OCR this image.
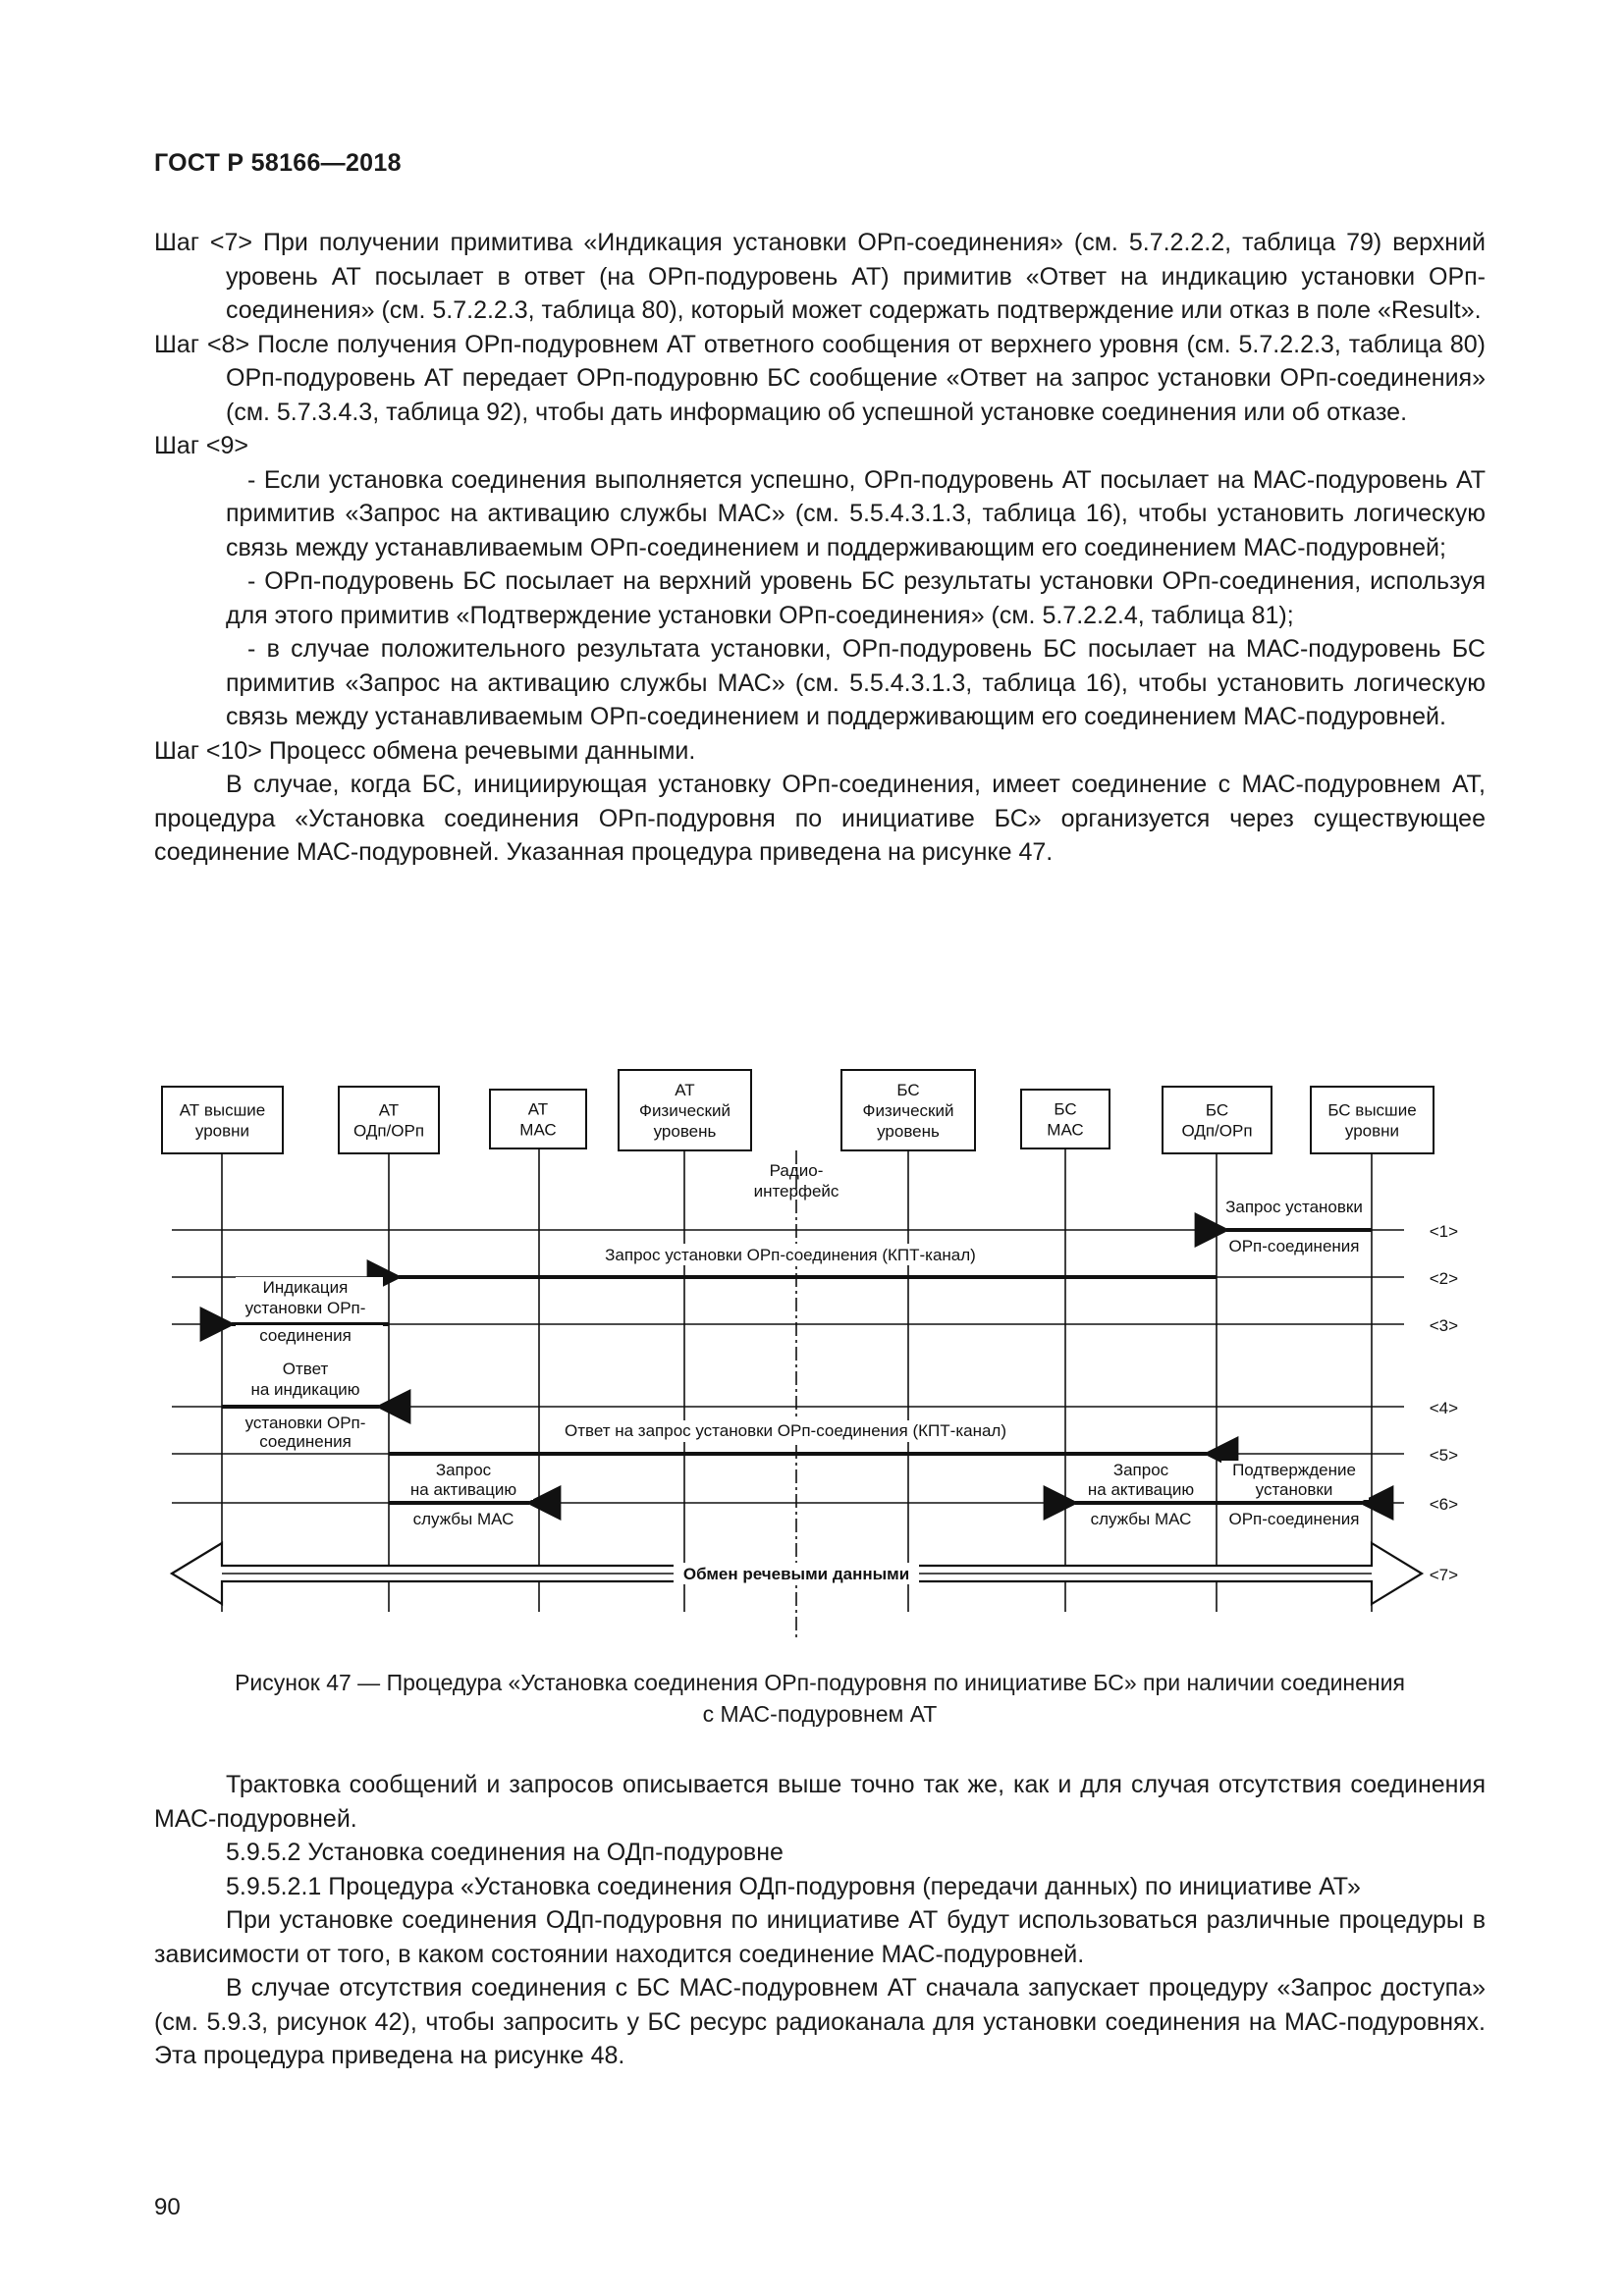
ГОСТ Р 58166—2018

Шаг <7> При получении примитива «Индикация установки ОРп-соединения» (см. 5.7.2.2.2, таблица 79) верхний уровень АТ посылает в ответ (на ОРп-подуровень АТ) примитив «Ответ на индикацию установки ОРп-соединения» (см. 5.7.2.2.3, таблица 80), который может содержать подтверждение или отказ в поле «Result».

Шаг <8> После получения ОРп-подуровнем АТ ответного сообщения от верхнего уровня (см. 5.7.2.2.3, таблица 80) ОРп-подуровень АТ передает ОРп-подуровню БС сообщение «Ответ на запрос установки ОРп-соединения» (см. 5.7.3.4.3, таблица 92), чтобы дать информацию об успешной установке соединения или об отказе.

Шаг <9>

- Если установка соединения выполняется успешно, ОРп-подуровень АТ посылает на МАС-подуровень АТ примитив «Запрос на активацию службы МАС» (см. 5.5.4.3.1.3, таблица 16), чтобы установить логическую связь между устанавливаемым ОРп-соединением и поддерживающим его соединением МАС-подуровней;

- ОРп-подуровень БС посылает на верхний уровень БС результаты установки ОРп-соединения, используя для этого примитив «Подтверждение установки ОРп-соединения» (см. 5.7.2.2.4, таблица 81);

- в случае положительного результата установки, ОРп-подуровень БС посылает на МАС-подуровень БС примитив «Запрос на активацию службы МАС» (см. 5.5.4.3.1.3, таблица 16), чтобы установить логическую связь между устанавливаемым ОРп-соединением и поддерживающим его соединением МАС-подуровней.

Шаг <10> Процесс обмена речевыми данными.

В случае, когда БС, инициирующая установку ОРп-соединения, имеет соединение с МАС-подуровнем АТ, процедура «Установка соединения ОРп-подуровня по инициативе БС» организуется через существующее соединение МАС-подуровней. Указанная процедура приведена на рисунке 47.

АТ высшие
уровни
АТ
ОДп/ОРп
АТ
МАС
АТ
Физический
уровень
БС
Физический
уровень
БС
МАС
БС
ОДп/ОРп
БС высшие
уровни
Радио-
интерфейс
Запрос установки
ОРп-соединения
Запрос установки ОРп-соединения (КПТ-канал)
Индикация
установки ОРп-
соединения
Ответ
на индикацию
установки ОРп-
соединения
Ответ на запрос установки ОРп-соединения (КПТ-канал)
Запрос
на активацию
службы МАС
Запрос
на активацию
службы МАС
Подтверждение
установки
ОРп-соединения
Обмен речевыми данными
<1>
<2>
<3>
<4>
<5>
<6>
<7>
Рисунок 47 — Процедура «Установка соединения ОРп-подуровня по инициативе БС» при наличии соединения
с МАС-подуровнем АТ

Трактовка сообщений и запросов описывается выше точно так же, как и для случая отсутствия соединения МАС-подуровней.

5.9.5.2 Установка соединения на ОДп-подуровне

5.9.5.2.1 Процедура «Установка соединения ОДп-подуровня (передачи данных) по инициативе АТ»

При установке соединения ОДп-подуровня по инициативе АТ будут использоваться различные процедуры в зависимости от того, в каком состоянии находится соединение МАС-подуровней.

В случае отсутствия соединения с БС МАС-подуровнем АТ сначала запускает процедуру «Запрос доступа» (см. 5.9.3, рисунок 42), чтобы запросить у БС ресурс радиоканала для установки соединения на МАС-подуровнях. Эта процедура приведена на рисунке 48.

90
